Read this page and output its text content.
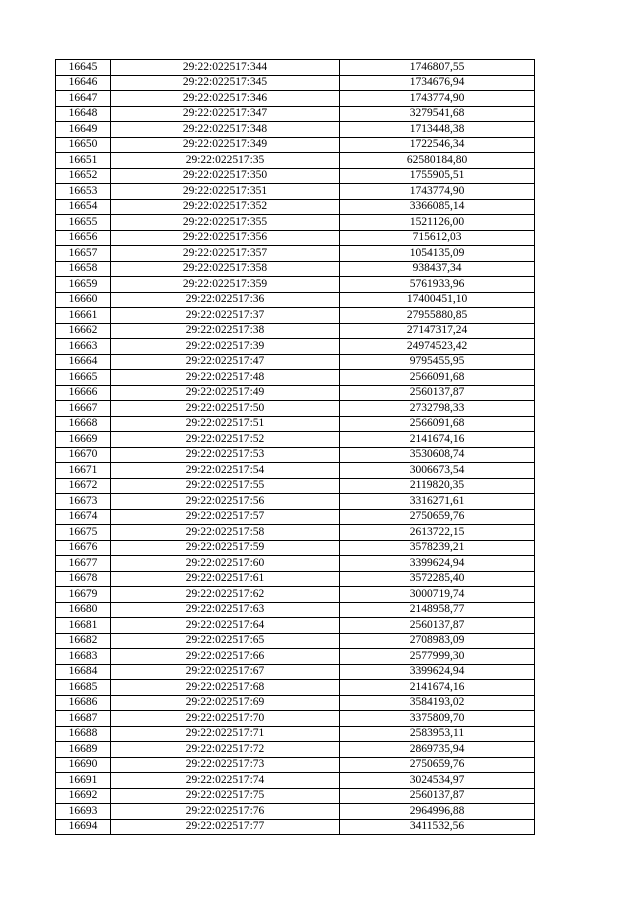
16645	29:22:022517:344	1746807,55
16646	29:22:022517:345	1734676,94
16647	29:22:022517:346	1743774,90
16648	29:22:022517:347	3279541,68
16649	29:22:022517:348	1713448,38
16650	29:22:022517:349	1722546,34
16651	29:22:022517:35	62580184,80
16652	29:22:022517:350	1755905,51
16653	29:22:022517:351	1743774,90
16654	29:22:022517:352	3366085,14
16655	29:22:022517:355	1521126,00
16656	29:22:022517:356	715612,03
16657	29:22:022517:357	1054135,09
16658	29:22:022517:358	938437,34
16659	29:22:022517:359	5761933,96
16660	29:22:022517:36	17400451,10
16661	29:22:022517:37	27955880,85
16662	29:22:022517:38	27147317,24
16663	29:22:022517:39	24974523,42
16664	29:22:022517:47	9795455,95
16665	29:22:022517:48	2566091,68
16666	29:22:022517:49	2560137,87
16667	29:22:022517:50	2732798,33
16668	29:22:022517:51	2566091,68
16669	29:22:022517:52	2141674,16
16670	29:22:022517:53	3530608,74
16671	29:22:022517:54	3006673,54
16672	29:22:022517:55	2119820,35
16673	29:22:022517:56	3316271,61
16674	29:22:022517:57	2750659,76
16675	29:22:022517:58	2613722,15
16676	29:22:022517:59	3578239,21
16677	29:22:022517:60	3399624,94
16678	29:22:022517:61	3572285,40
16679	29:22:022517:62	3000719,74
16680	29:22:022517:63	2148958,77
16681	29:22:022517:64	2560137,87
16682	29:22:022517:65	2708983,09
16683	29:22:022517:66	2577999,30
16684	29:22:022517:67	3399624,94
16685	29:22:022517:68	2141674,16
16686	29:22:022517:69	3584193,02
16687	29:22:022517:70	3375809,70
16688	29:22:022517:71	2583953,11
16689	29:22:022517:72	2869735,94
16690	29:22:022517:73	2750659,76
16691	29:22:022517:74	3024534,97
16692	29:22:022517:75	2560137,87
16693	29:22:022517:76	2964996,88
16694	29:22:022517:77	3411532,56
